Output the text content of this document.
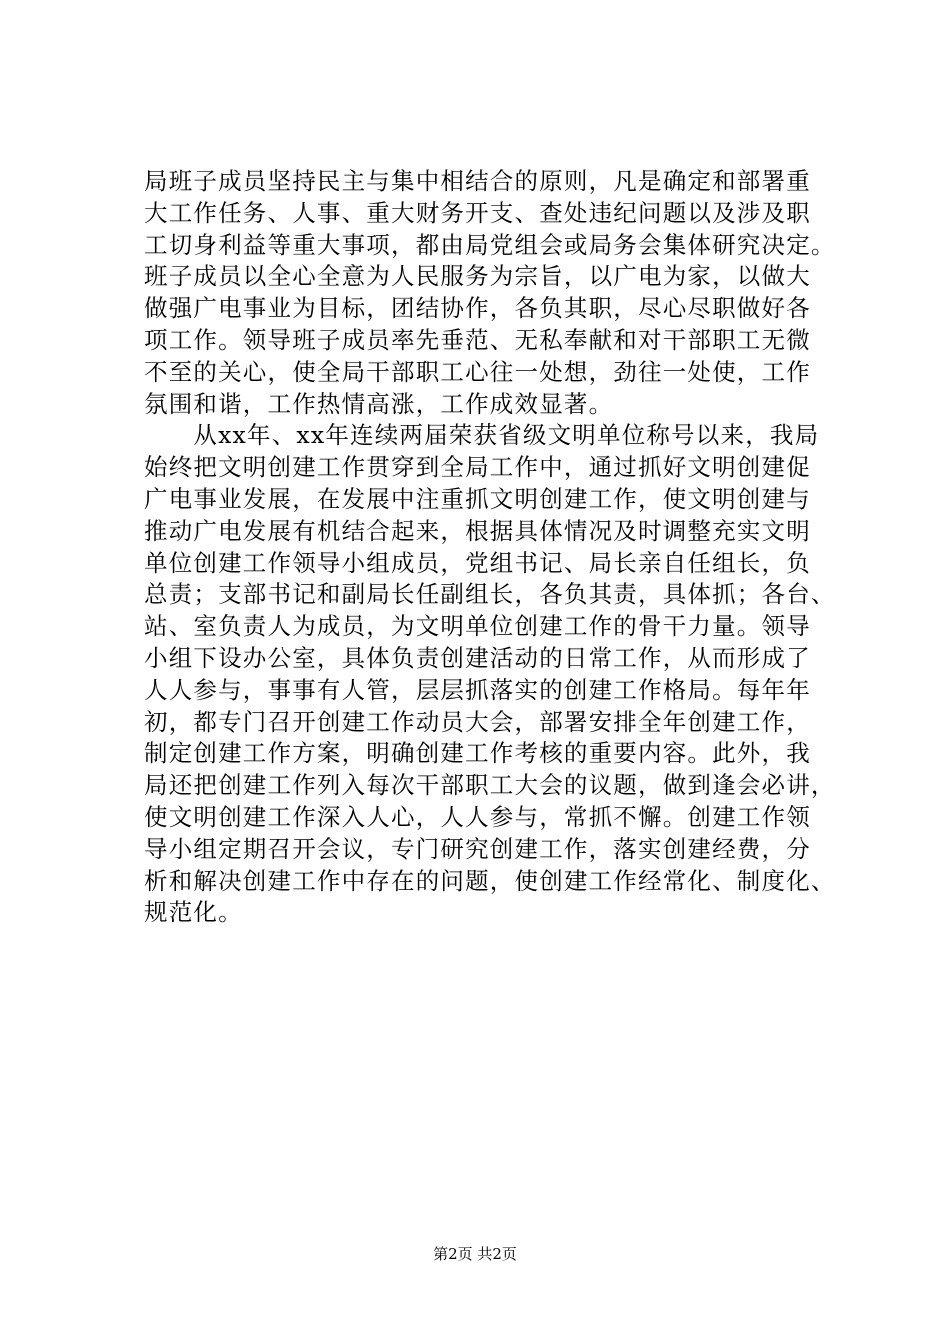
局班子成员坚持民主与集中相结合的原则，凡是确定和部署重
大工作任务、人事、重大财务开支、查处违纪问题以及涉及职
工切身利益等重大事项，都由局党组会或局务会集体研究决定。
班子成员以全心全意为人民服务为宗旨，以广电为家，以做大
做强广电事业为目标，团结协作，各负其职，尽心尽职做好各
项工作。领导班子成员率先垂范、无私奉献和对干部职工无微
不至的关心，使全局干部职工心往一处想，劲往一处使，工作
氛围和谐，工作热情高涨，工作成效显著。
　　从xx年、xx年连续两届荣获省级文明单位称号以来，我局
始终把文明创建工作贯穿到全局工作中，通过抓好文明创建促
广电事业发展，在发展中注重抓文明创建工作，使文明创建与
推动广电发展有机结合起来，根据具体情况及时调整充实文明
单位创建工作领导小组成员，党组书记、局长亲自任组长，负
总责；支部书记和副局长任副组长，各负其责，具体抓；各台、
站、室负责人为成员，为文明单位创建工作的骨干力量。领导
小组下设办公室，具体负责创建活动的日常工作，从而形成了
人人参与，事事有人管，层层抓落实的创建工作格局。每年年
初，都专门召开创建工作动员大会，部署安排全年创建工作，
制定创建工作方案，明确创建工作考核的重要内容。此外，我
局还把创建工作列入每次干部职工大会的议题，做到逢会必讲，
使文明创建工作深入人心，人人参与，常抓不懈。创建工作领
导小组定期召开会议，专门研究创建工作，落实创建经费，分
析和解决创建工作中存在的问题，使创建工作经常化、制度化、
规范化。
第2页 共2页
